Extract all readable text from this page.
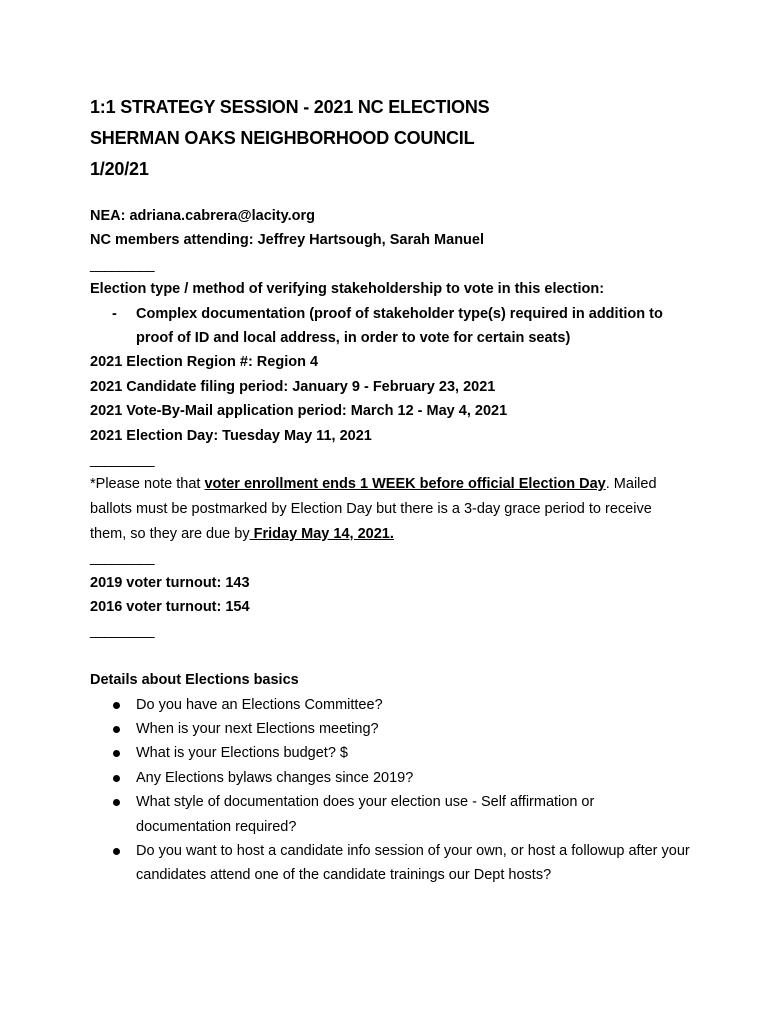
1:1 STRATEGY SESSION - 2021 NC ELECTIONS

SHERMAN OAKS NEIGHBORHOOD COUNCIL

1/20/21

NEA: adriana.cabrera@lacity.org

NC members attending: Jeffrey Hartsough, Sarah Manuel

_________

Election type / method of verifying stakeholdership to vote in this election:

- Complex documentation (proof of stakeholder type(s) required in addition to proof of ID and local address, in order to vote for certain seats)

2021 Election Region #: Region 4

2021 Candidate filing period: January 9 - February 23, 2021

2021 Vote-By-Mail application period: March 12 - May 4, 2021

2021 Election Day: Tuesday May 11, 2021

_________

*Please note that voter enrollment ends 1 WEEK before official Election Day. Mailed ballots must be postmarked by Election Day but there is a 3-day grace period to receive them, so they are due by Friday May 14, 2021.

_________

2019 voter turnout: 143

2016 voter turnout: 154

_________

Details about Elections basics

Do you have an Elections Committee?
When is your next Elections meeting?
What is your Elections budget? $
Any Elections bylaws changes since 2019?
What style of documentation does your election use - Self affirmation or documentation required?
Do you want to host a candidate info session of your own, or host a followup after your candidates attend one of the candidate trainings our Dept hosts?
